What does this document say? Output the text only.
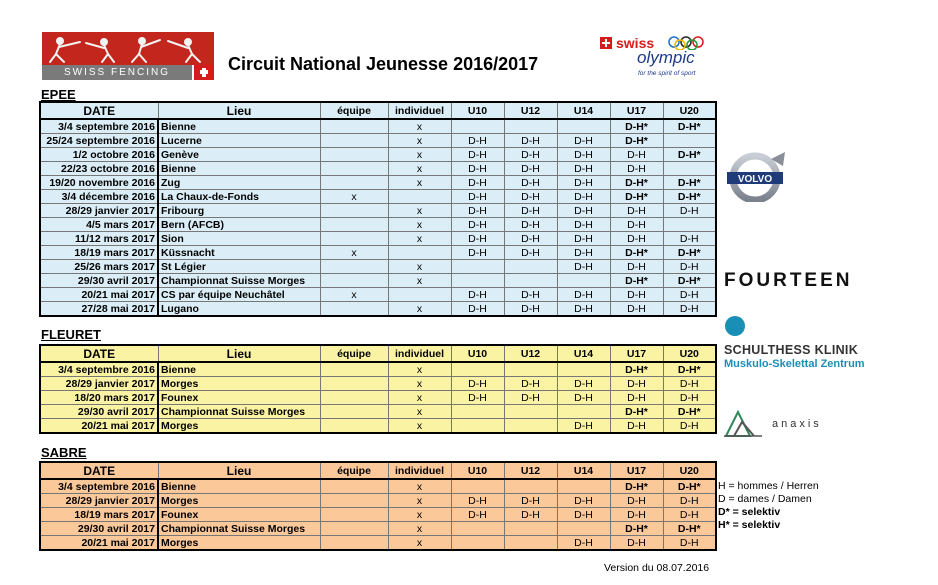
SWISS FENCING	Circuit National Jeunesse 2016/2017
swiss
olympic
for the spirit of sport
EPEE
FLEURET
SABRE
DATE	Lieu	équipe	individuel	U10	U12	U14	U17	U20
3/4 septembre 2016	Bienne		x				D-H*	D-H*
25/24 septembre 2016	Lucerne		x	D-H	D-H	D-H	D-H*	
1/2 octobre 2016	Genève		x	D-H	D-H	D-H	D-H	D-H*
22/23 octobre 2016	Bienne		x	D-H	D-H	D-H	D-H	
19/20 novembre 2016	Zug		x	D-H	D-H	D-H	D-H*	D-H*
3/4 décembre 2016	La Chaux-de-Fonds	x		D-H	D-H	D-H	D-H*	D-H*
28/29 janvier 2017	Fribourg		x	D-H	D-H	D-H	D-H	D-H
4/5 mars 2017	Bern (AFCB)		x	D-H	D-H	D-H	D-H	
11/12 mars 2017	Sion		x	D-H	D-H	D-H	D-H	D-H
18/19 mars 2017	Küssnacht	x		D-H	D-H	D-H	D-H*	D-H*
25/26 mars 2017	St Légier		x			D-H	D-H	D-H
29/30 avril 2017	Championnat Suisse Morges		x				D-H*	D-H*
20/21 mai 2017	CS par équipe Neuchâtel	x		D-H	D-H	D-H	D-H	D-H
27/28 mai 2017	Lugano		x	D-H	D-H	D-H	D-H	D-H
DATE	Lieu	équipe	individuel	U10	U12	U14	U17	U20
3/4 septembre 2016	Bienne		x				D-H*	D-H*
28/29 janvier 2017	Morges		x	D-H	D-H	D-H	D-H	D-H
18/20 mars 2017	Founex		x	D-H	D-H	D-H	D-H	D-H
29/30 avril 2017	Championnat Suisse Morges		x				D-H*	D-H*
20/21 mai 2017	Morges		x			D-H	D-H	D-H
DATE	Lieu	équipe	individuel	U10	U12	U14	U17	U20
3/4 septembre 2016	Bienne		x				D-H*	D-H*
28/29 janvier 2017	Morges		x	D-H	D-H	D-H	D-H	D-H
18/19 mars 2017	Founex		x	D-H	D-H	D-H	D-H	D-H
29/30 avril 2017	Championnat Suisse Morges		x				D-H*	D-H*
20/21 mai 2017	Morges		x			D-H	D-H	D-H
VOLVO
FOURTEEN
SCHULTHESS KLINIK
Muskulo-Skelettal Zentrum
anaxis
H = hommes / Herren
D = dames / Damen
D* = selektiv
H* = selektiv
Version du 08.07.2016
